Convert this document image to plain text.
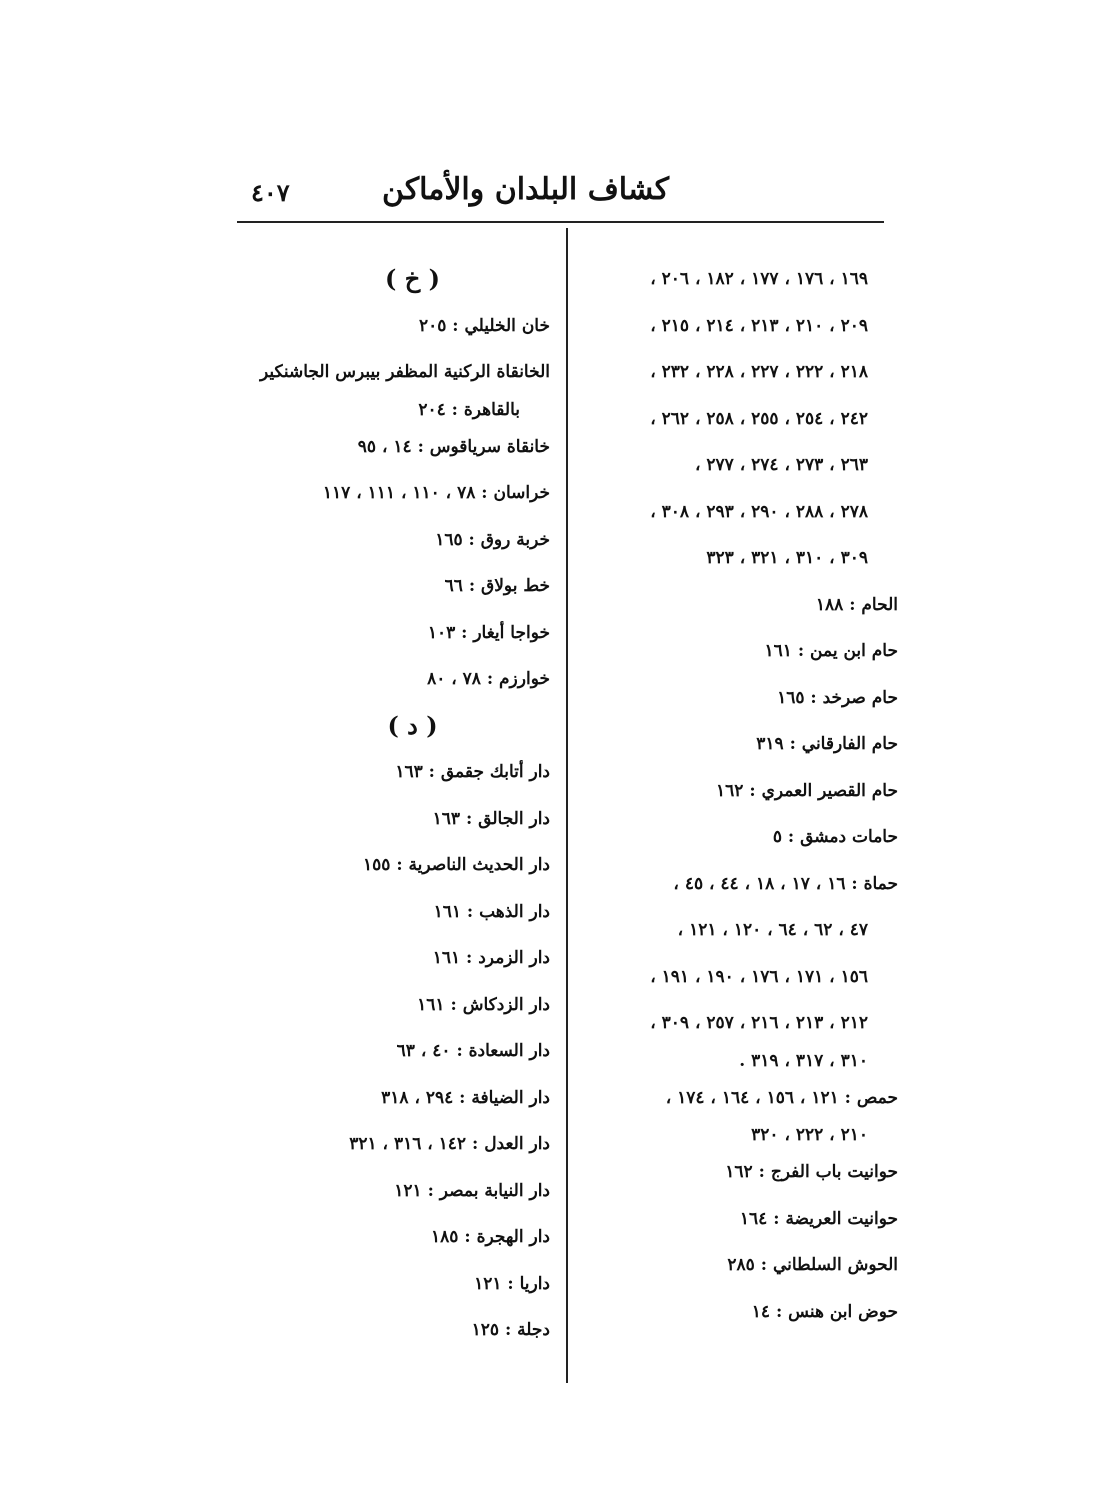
كشاف البلدان والأماكن
٤٠٧
١٦٩ ، ١٧٦ ، ١٧٧ ، ١٨٢ ، ٢٠٦ ،
٢٠٩ ، ٢١٠ ، ٢١٣ ، ٢١٤ ، ٢١٥ ،
٢١٨ ، ٢٢٢ ، ٢٢٧ ، ٢٢٨ ، ٢٣٢ ،
٢٤٢ ، ٢٥٤ ، ٢٥٥ ، ٢٥٨ ، ٢٦٢ ،
٢٦٣ ، ٢٧٣ ، ٢٧٤ ، ٢٧٧ ،
٢٧٨ ، ٢٨٨ ، ٢٩٠ ، ٢٩٣ ، ٣٠٨ ،
٣٠٩ ، ٣١٠ ، ٣٢١ ، ٣٢٣
الحام : ١٨٨
حام ابن يمن : ١٦١
حام صرخد : ١٦٥
حام الفارقاني : ٣١٩
حام القصير العمري : ١٦٢
حامات دمشق : ٥
حماة : ١٦ ، ١٧ ، ١٨ ، ٤٤ ، ٤٥ ،
٤٧ ، ٦٢ ، ٦٤ ، ١٢٠ ، ١٢١ ،
١٥٦ ، ١٧١ ، ١٧٦ ، ١٩٠ ، ١٩١ ،
٢١٢ ، ٢١٣ ، ٢١٦ ، ٢٥٧ ، ٣٠٩ ،
٣١٠ ، ٣١٧ ، ٣١٩ .
حمص : ١٢١ ، ١٥٦ ، ١٦٤ ، ١٧٤ ،
٢١٠ ، ٢٢٢ ، ٣٢٠
حوانيت باب الفرج : ١٦٢
حوانيت العريضة : ١٦٤
الحوش السلطاني : ٢٨٥
حوض ابن هنس : ١٤
( خ )
خان الخليلي : ٢٠٥
الخانقاة الركنية المظفر بيبرس الجاشنكير
بالقاهرة : ٢٠٤
خانقاة سرياقوس : ١٤ ، ٩٥
خراسان : ٧٨ ، ١١٠ ، ١١١ ، ١١٧
خربة روق : ١٦٥
خط بولاق : ٦٦
خواجا أيغار : ١٠٣
خوارزم : ٧٨ ، ٨٠
( د )
دار أتابك جقمق : ١٦٣
دار الجالق : ١٦٣
دار الحديث الناصرية : ١٥٥
دار الذهب : ١٦١
دار الزمرد : ١٦١
دار الزدكاش : ١٦١
دار السعادة : ٤٠ ، ٦٣
دار الضيافة : ٢٩٤ ، ٣١٨
دار العدل : ١٤٢ ، ٣١٦ ، ٣٢١
دار النيابة بمصر : ١٢١
دار الهجرة : ١٨٥
داريا : ١٢١
دجلة : ١٢٥
